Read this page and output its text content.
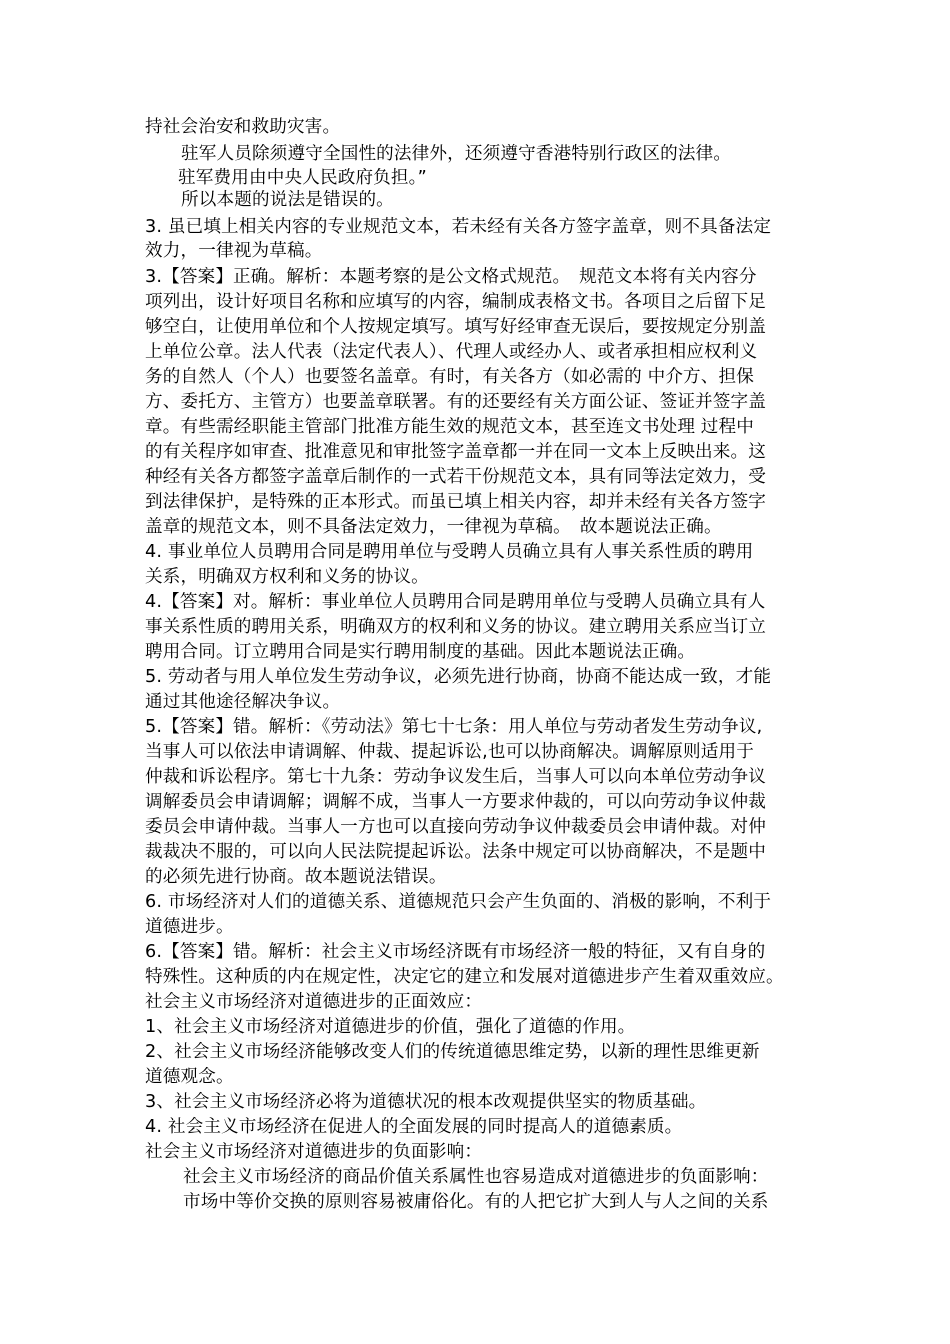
持社会治安和救助灾害。
驻军人员除须遵守全国性的法律外，还须遵守香港特别行政区的法律。
驻军费用由中央人民政府负担。”
所以本题的说法是错误的。
3. 虽已填上相关内容的专业规范文本，若未经有关各方签字盖章，则不具备法定
效力，一律视为草稿。
3.【答案】正确。解析：本题考察的是公文格式规范。　规范文本将有关内容分
项列出，设计好项目名称和应填写的内容，编制成表格文书。各项目之后留下足
够空白，让使用单位和个人按规定填写。填写好经审查无误后，要按规定分别盖
上单位公章。法人代表（法定代表人）、代理人或经办人、或者承担相应权利义
务的自然人（个人）也要签名盖章。有时，有关各方（如必需的 中介方、担保
方、委托方、主管方）也要盖章联署。有的还要经有关方面公证、签证并签字盖
章。有些需经职能主管部门批准方能生效的规范文本，甚至连文书处理 过程中
的有关程序如审查、批准意见和审批签字盖章都一并在同一文本上反映出来。这
种经有关各方都签字盖章后制作的一式若干份规范文本，具有同等法定效力，受
到法律保护，是特殊的正本形式。而虽已填上相关内容，却并未经有关各方签字
盖章的规范文本，则不具备法定效力，一律视为草稿。　故本题说法正确。
4. 事业单位人员聘用合同是聘用单位与受聘人员确立具有人事关系性质的聘用
关系，明确双方权利和义务的协议。
4.【答案】对。解析：事业单位人员聘用合同是聘用单位与受聘人员确立具有人
事关系性质的聘用关系，明确双方的权利和义务的协议。建立聘用关系应当订立
聘用合同。订立聘用合同是实行聘用制度的基础。因此本题说法正确。
5. 劳动者与用人单位发生劳动争议，必须先进行协商，协商不能达成一致，才能
通过其他途径解决争议。
5.【答案】错。解析：《劳动法》第七十七条：用人单位与劳动者发生劳动争议,
当事人可以依法申请调解、仲裁、提起诉讼,也可以协商解决。调解原则适用于
仲裁和诉讼程序。第七十九条：劳动争议发生后，当事人可以向本单位劳动争议
调解委员会申请调解；调解不成，当事人一方要求仲裁的，可以向劳动争议仲裁
委员会申请仲裁。当事人一方也可以直接向劳动争议仲裁委员会申请仲裁。对仲
裁裁决不服的，可以向人民法院提起诉讼。法条中规定可以协商解决，不是题中
的必须先进行协商。故本题说法错误。
6. 市场经济对人们的道德关系、道德规范只会产生负面的、消极的影响，不利于
道德进步。
6.【答案】错。解析：社会主义市场经济既有市场经济一般的特征，又有自身的
特殊性。这种质的内在规定性，决定它的建立和发展对道德进步产生着双重效应。
社会主义市场经济对道德进步的正面效应：
1、社会主义市场经济对道德进步的价值，强化了道德的作用。
2、社会主义市场经济能够改变人们的传统道德思维定势，以新的理性思维更新
道德观念。
3、社会主义市场经济必将为道德状况的根本改观提供坚实的物质基础。
4. 社会主义市场经济在促进人的全面发展的同时提高人的道德素质。
社会主义市场经济对道德进步的负面影响：
社会主义市场经济的商品价值关系属性也容易造成对道德进步的负面影响：
市场中等价交换的原则容易被庸俗化。有的人把它扩大到人与人之间的关系
